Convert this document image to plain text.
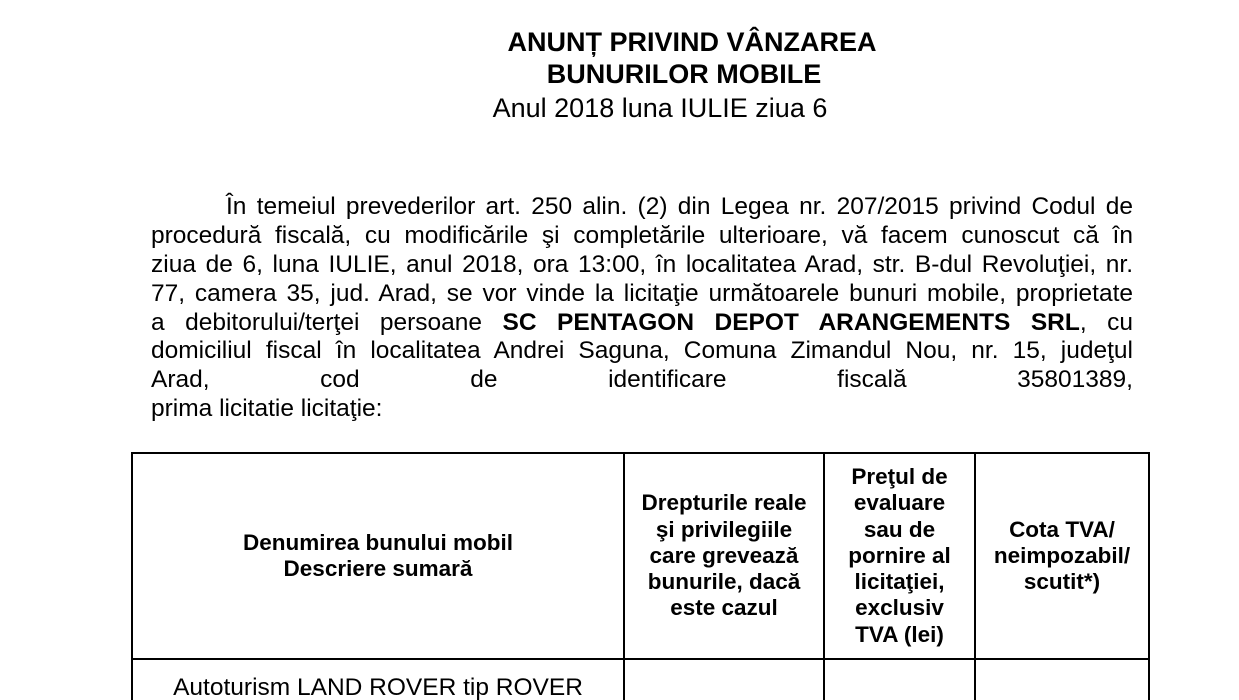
ANUNȚ PRIVIND VÂNZAREA
BUNURILOR MOBILE
Anul 2018 luna IULIE ziua 6
În temeiul prevederilor art. 250 alin. (2) din Legea nr. 207/2015 privind Codul de
procedură fiscală, cu modificările şi completările ulterioare, vă facem cunoscut că în
ziua de 6, luna IULIE, anul 2018, ora 13:00, în localitatea Arad, str. B-dul Revoluţiei, nr.
77, camera 35, jud. Arad, se vor vinde la licitaţie următoarele bunuri mobile, proprietate
a debitorului/terţei persoane SC PENTAGON DEPOT ARANGEMENTS SRL, cu
domiciliul fiscal în localitatea Andrei Saguna, Comuna Zimandul Nou, nr. 15, judeţul
Arad, cod de identificare fiscală 35801389,
prima licitatie licitaţie:
Denumirea bunului mobil
Descriere sumară
Drepturile reale
şi privilegiile
care grevează
bunurile, dacă
este cazul
Preţul de
evaluare
sau de
pornire al
licitaţiei,
exclusiv
TVA (lei)
Cota TVA/
neimpozabil/
scutit*)
Autoturism LAND ROVER tip ROVER
